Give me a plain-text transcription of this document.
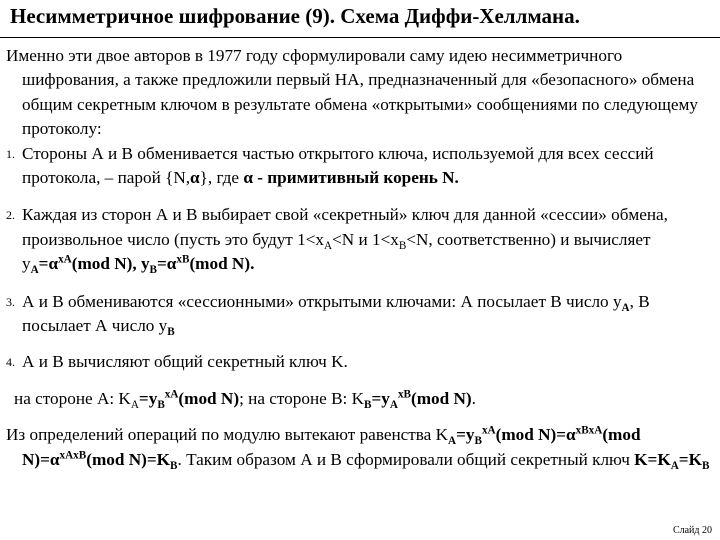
Несимметричное шифрование (9). Схема Диффи-Хеллмана.

Именно эти двое авторов в 1977 году сформулировали саму идею несимметричного шифрования, а также предложили первый НА, предназначенный для «безопасного» обмена общим секретным ключом в результате обмена «открытыми» сообщениями по следующему протоколу:

1. Стороны А и В обменивается частью открытого ключа, используемой для всех сессий протокола, – парой {N,α}, где α - примитивный корень N.
2. Каждая из сторон А и В выбирает свой «секретный» ключ для данной «сессии» обмена, произвольное число (пусть это будут $1<x_A<N$ и $1<x_B<N$, соответственно) и вычисляет $y_A=\alpha^{xA}(mod$ N), $y_B=\alpha^{xB}(mod$ N).
3. А и В обмениваются «сессионными» открытыми ключами: А посылает В число $y_A$, В посылает А число $y_B$
4. А и В вычисляют общий секретный ключ K.

на стороне А: $K_A=y_B^{xA}(mod$ N); на стороне В: $K_B=y_A^{xB}(mod$ N).

Из определений операций по модулю вытекают равенства $K_A=y_B^{xA}(mod$ $N)=\alpha^{xBxA}(mod$ $N)=\alpha^{xAxB}(mod$ $N)=K_B$. Таким образом А и В сформировали общий секретный ключ $K=K_A=K_B$

Слайд 20
